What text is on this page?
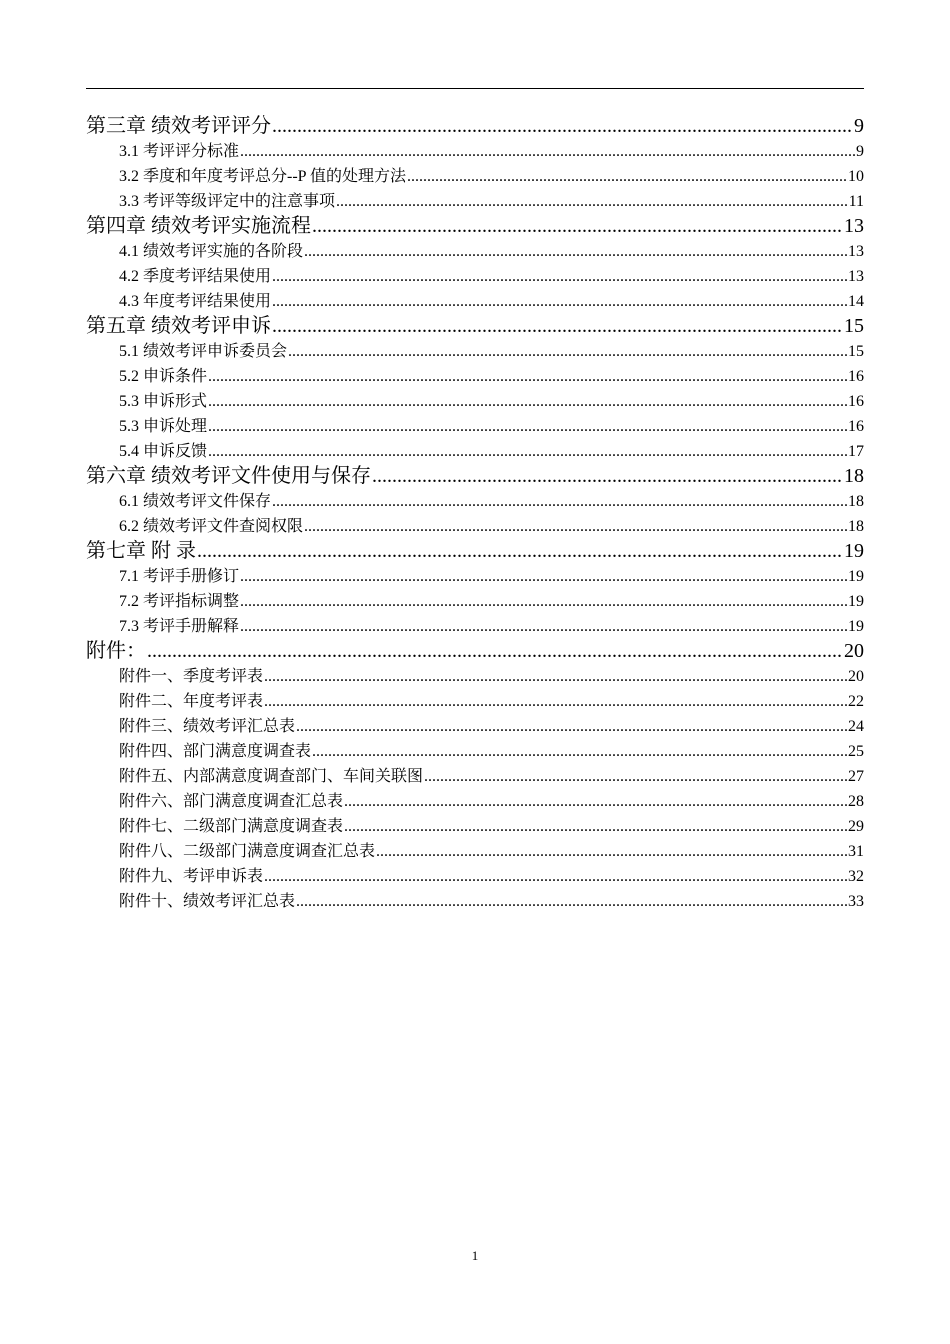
第三章 绩效考评评分 .....	9
3.1 考评评分标准 .....	9
3.2 季度和年度考评总分--P 值的处理方法 .....	10
3.3 考评等级评定中的注意事项 .....	11
第四章 绩效考评实施流程 .....	13
4.1 绩效考评实施的各阶段 .....	13
4.2 季度考评结果使用 .....	13
4.3 年度考评结果使用 .....	14
第五章 绩效考评申诉 .....	15
5.1 绩效考评申诉委员会 .....	15
5.2 申诉条件 .....	16
5.3 申诉形式 .....	16
5.3 申诉处理 .....	16
5.4 申诉反馈 .....	17
第六章 绩效考评文件使用与保存 .....	18
6.1 绩效考评文件保存 .....	18
6.2 绩效考评文件查阅权限 .....	18
第七章 附 录 .....	19
7.1 考评手册修订 .....	19
7.2 考评指标调整 .....	19
7.3 考评手册解释 .....	19
附件： .....	20
附件一、季度考评表 .....	20
附件二、年度考评表 .....	22
附件三、绩效考评汇总表 .....	24
附件四、部门满意度调查表 .....	25
附件五、内部满意度调查部门、车间关联图 .....	27
附件六、部门满意度调查汇总表 .....	28
附件七、二级部门满意度调查表 .....	29
附件八、二级部门满意度调查汇总表 .....	31
附件九、考评申诉表 .....	32
附件十、绩效考评汇总表 .....	33
1
